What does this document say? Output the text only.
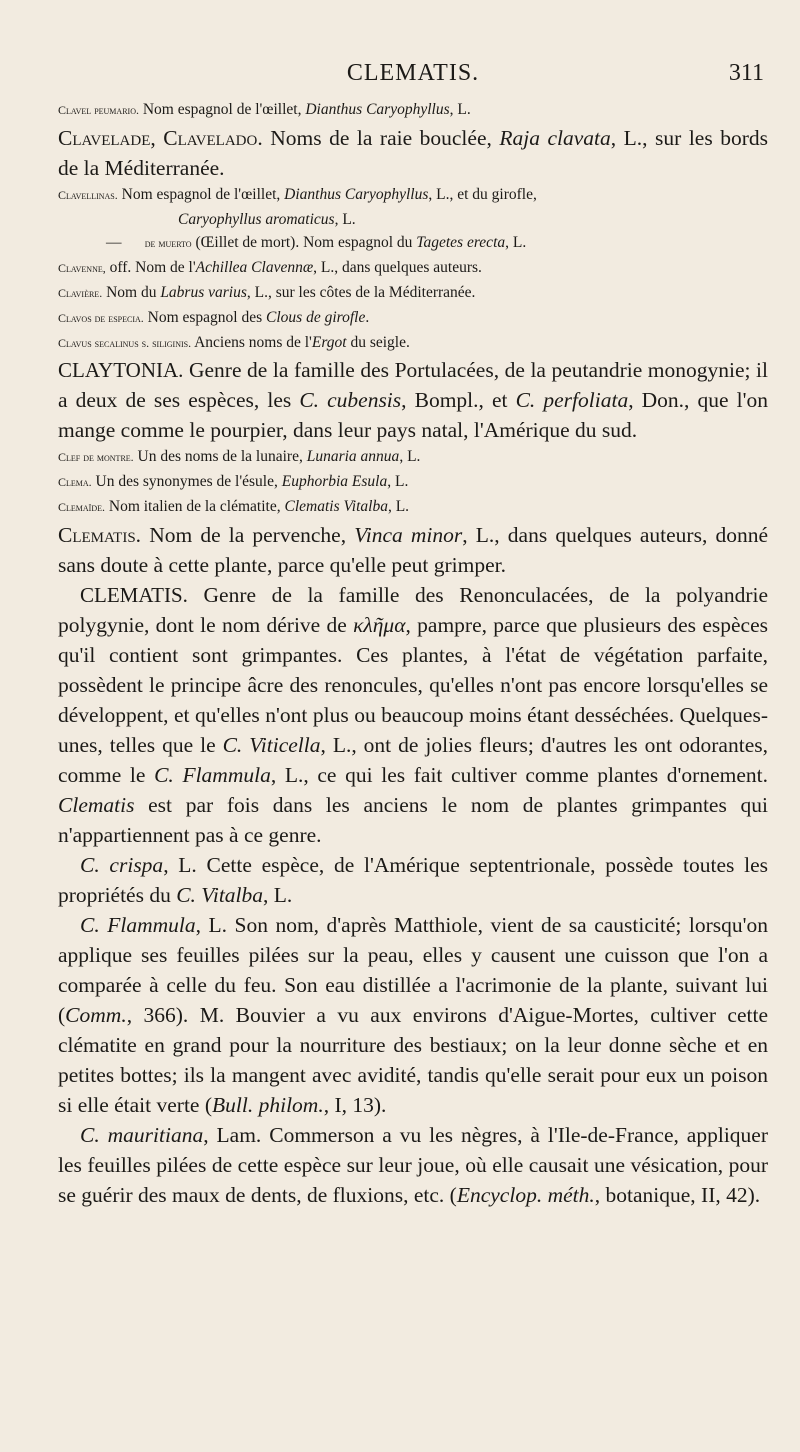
CLEMATIS.	311

Clavel peumario. Nom espagnol de l'œillet, Dianthus Caryophyllus, L.

Clavelade, Clavelado. Noms de la raie bouclée, Raja clavata, L., sur les bords de la Méditerranée.

Clavellinas. Nom espagnol de l'œillet, Dianthus Caryophyllus, L., et du girofle,
Caryophyllus aromaticus, L.

— de muerto (Œillet de mort). Nom espagnol du Tagetes erecta, L.

Clavenne, off. Nom de l'Achillea Clavennæ, L., dans quelques auteurs.

Clavière. Nom du Labrus varius, L., sur les côtes de la Méditerranée.

Clavos de especia. Nom espagnol des Clous de girofle.

Clavus secalinus s. siliginis. Anciens noms de l'Ergot du seigle.

CLAYTONIA. Genre de la famille des Portulacées, de la peutandrie monogynie; il a deux de ses espèces, les C. cubensis, Bompl., et C. perfoliata, Don., que l'on mange comme le pourpier, dans leur pays natal, l'Amérique du sud.

Clef de montre. Un des noms de la lunaire, Lunaria annua, L.

Clema. Un des synonymes de l'ésule, Euphorbia Esula, L.

Clemaïde. Nom italien de la clématite, Clematis Vitalba, L.

Clematis. Nom de la pervenche, Vinca minor, L., dans quelques auteurs, donné sans doute à cette plante, parce qu'elle peut grimper.

CLEMATIS. Genre de la famille des Renonculacées, de la polyandrie polygynie, dont le nom dérive de κλῆμα, pampre, parce que plusieurs des espèces qu'il contient sont grimpantes. Ces plantes, à l'état de végétation parfaite, possèdent le principe âcre des renoncules, qu'elles n'ont pas encore lorsqu'elles se développent, et qu'elles n'ont plus ou beaucoup moins étant desséchées. Quelques-unes, telles que le C. Viticella, L., ont de jolies fleurs; d'autres les ont odorantes, comme le C. Flammula, L., ce qui les fait cultiver comme plantes d'ornement. Clematis est par fois dans les anciens le nom de plantes grimpantes qui n'appartiennent pas à ce genre.

C. crispa, L. Cette espèce, de l'Amérique septentrionale, possède toutes les propriétés du C. Vitalba, L.

C. Flammula, L. Son nom, d'après Matthiole, vient de sa causticité; lorsqu'on applique ses feuilles pilées sur la peau, elles y causent une cuisson que l'on a comparée à celle du feu. Son eau distillée a l'acrimonie de la plante, suivant lui (Comm., 366). M. Bouvier a vu aux environs d'Aigue-Mortes, cultiver cette clématite en grand pour la nourriture des bestiaux; on la leur donne sèche et en petites bottes; ils la mangent avec avidité, tandis qu'elle serait pour eux un poison si elle était verte (Bull. philom., I, 13).

C. mauritiana, Lam. Commerson a vu les nègres, à l'Ile-de-France, appliquer les feuilles pilées de cette espèce sur leur joue, où elle causait une vésication, pour se guérir des maux de dents, de fluxions, etc. (Encyclop. méth., botanique, II, 42).
